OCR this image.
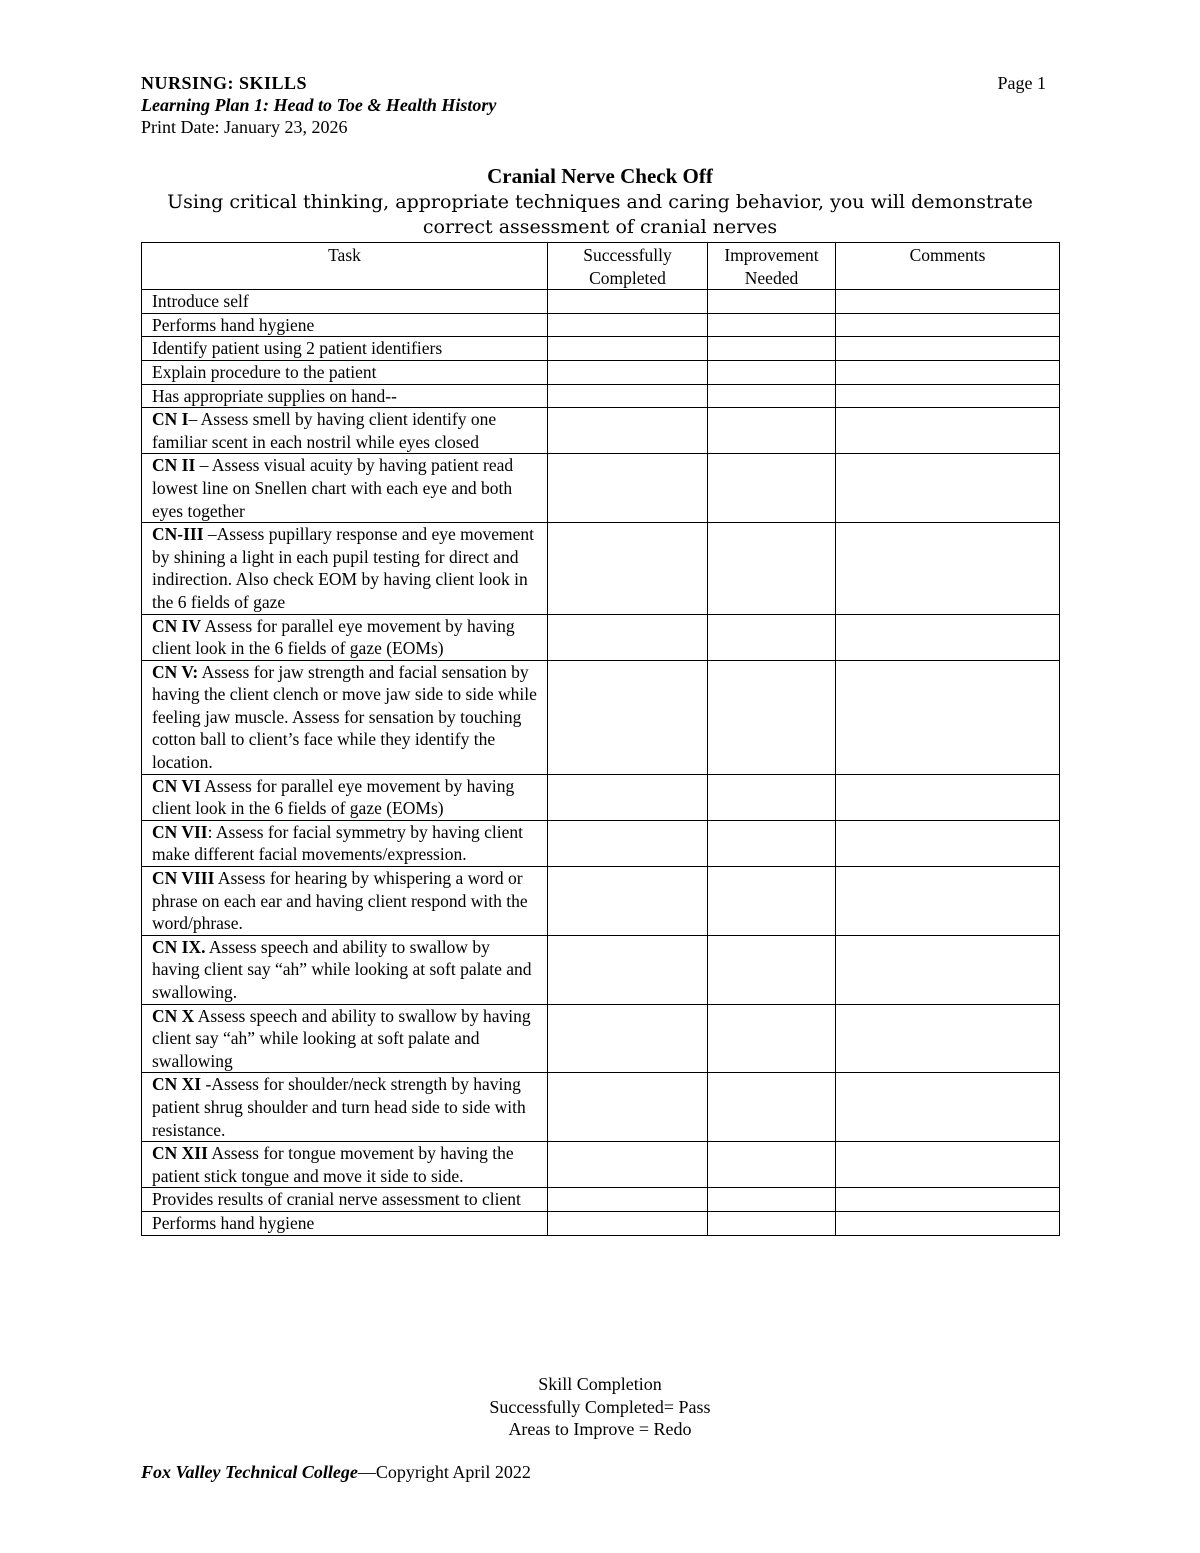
NURSING: SKILLS
Learning Plan 1: Head to Toe & Health History
Print Date: January 23, 2026
Page 1
Cranial Nerve Check Off
Using critical thinking, appropriate techniques and caring behavior, you will demonstrate correct assessment of cranial nerves
Task	Successfully Completed	Improvement Needed	Comments
Introduce self			
Performs hand hygiene			
Identify patient using 2 patient identifiers			
Explain procedure to the patient			
Has appropriate supplies on hand--			
CN I– Assess smell by having client identify one familiar scent in each nostril while eyes closed			
CN II – Assess visual acuity by having patient read lowest line on Snellen chart with each eye and both eyes together			
CN-III –Assess pupillary response and eye movement by shining a light in each pupil testing for direct and indirection. Also check EOM by having client look in the 6 fields of gaze			
CN IV Assess for parallel eye movement by having client look in the 6 fields of gaze (EOMs)			
CN V: Assess for jaw strength and facial sensation by having the client clench or move jaw side to side while feeling jaw muscle. Assess for sensation by touching cotton ball to client’s face while they identify the location.			
CN VI Assess for parallel eye movement by having client look in the 6 fields of gaze (EOMs)			
CN VII: Assess for facial symmetry by having client make different facial movements/expression.			
CN VIII Assess for hearing by whispering a word or phrase on each ear and having client respond with the word/phrase.			
CN IX. Assess speech and ability to swallow by having client say “ah” while looking at soft palate and swallowing.			
CN X Assess speech and ability to swallow by having client say “ah” while looking at soft palate and swallowing			
CN XI -Assess for shoulder/neck strength by having patient shrug shoulder and turn head side to side with resistance.			
CN XII Assess for tongue movement by having the patient stick tongue and move it side to side.			
Provides results of cranial nerve assessment to client			
Performs hand hygiene			
Skill Completion
Successfully Completed= Pass
Areas to Improve = Redo
Fox Valley Technical College—Copyright April 2022
